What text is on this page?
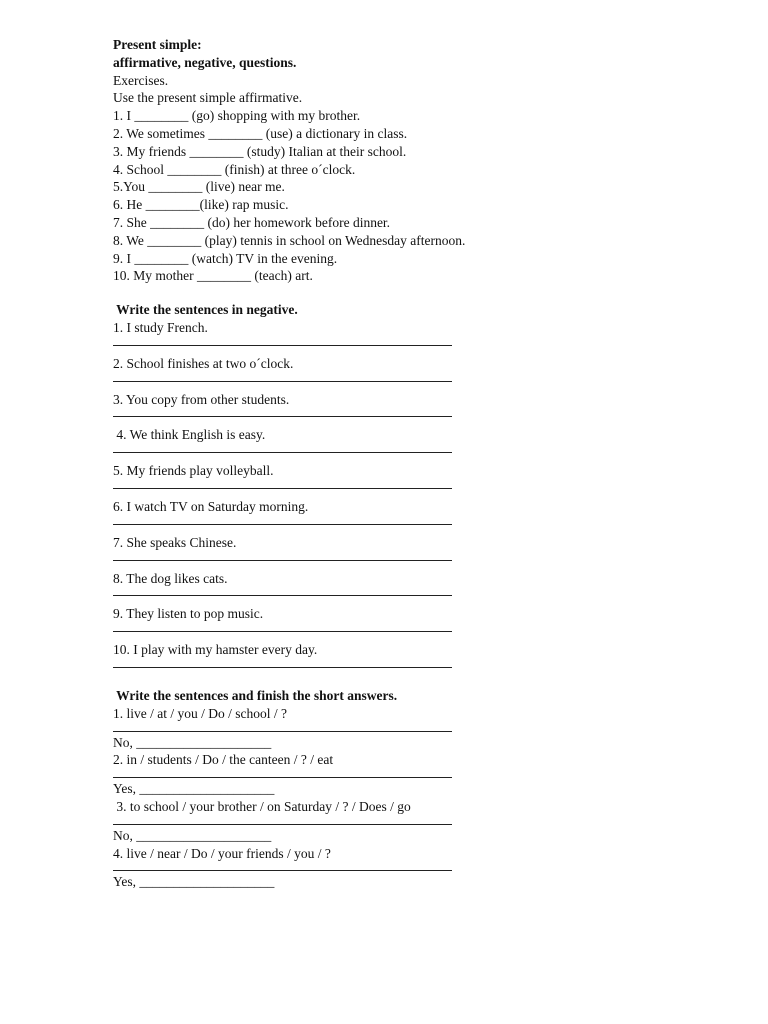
Present simple:
affirmative, negative, questions.
Exercises.
Use the present simple affirmative.
1. I ________ (go) shopping with my brother.
2. We sometimes ________ (use) a dictionary in class.
3. My friends ________ (study) Italian at their school.
4. School ________ (finish) at three o´clock.
5.You ________ (live) near me.
6. He ________(like) rap music.
7. She ________ (do) her homework before dinner.
8. We ________ (play) tennis in school on Wednesday afternoon.
9. I ________ (watch) TV in the evening.
10. My mother ________ (teach) art.
Write the sentences in negative.
1. I study French.
2. School finishes at two o´clock.
3. You copy from other students.
4. We think English is easy.
5. My friends play volleyball.
6. I watch TV on Saturday morning.
7. She speaks Chinese.
8. The dog likes cats.
9. They listen to pop music.
10. I play with my hamster every day.
Write the sentences and finish the short answers.
1. live / at / you / Do / school / ?
No, ____________________
2. in / students / Do / the canteen / ? / eat
Yes, ____________________
3. to school / your brother / on Saturday / ? / Does / go
No, ____________________
4. live / near / Do / your friends / you / ?
Yes, ____________________
